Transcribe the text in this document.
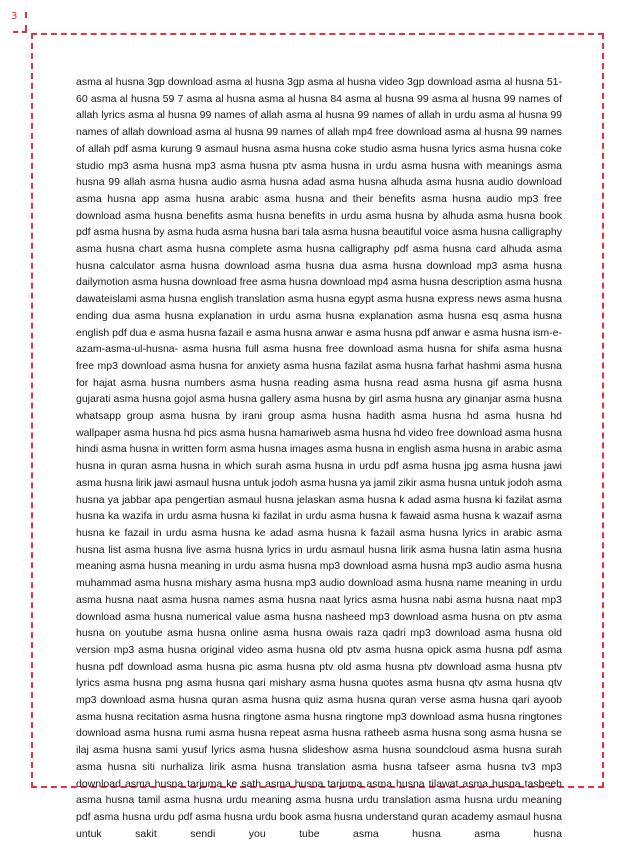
3

asma al husna 3gp download asma al husna 3gp asma al husna video 3gp download asma al husna 51-60 asma al husna 59 7 asma al husna asma al husna 84 asma al husna 99 asma al husna 99 names of allah lyrics asma al husna 99 names of allah asma al husna 99 names of allah in urdu asma al husna 99 names of allah download asma al husna 99 names of allah mp4 free download asma al husna 99 names of allah pdf asma kurung 9 asmaul husna asma husna coke studio asma husna lyrics asma husna coke studio mp3 asma husna mp3 asma husna ptv asma husna in urdu asma husna with meanings asma husna 99 allah asma husna audio asma husna adad asma husna alhuda asma husna audio download asma husna app asma husna arabic asma husna and their benefits asma husna audio mp3 free download asma husna benefits asma husna benefits in urdu asma husna by alhuda asma husna book pdf asma husna by asma huda asma husna bari tala asma husna beautiful voice asma husna calligraphy asma husna chart asma husna complete asma husna calligraphy pdf asma husna card alhuda asma husna calculator asma husna download asma husna dua asma husna download mp3 asma husna dailymotion asma husna download free asma husna download mp4 asma husna description asma husna dawateislami asma husna english translation asma husna egypt asma husna express news asma husna ending dua asma husna explanation in urdu asma husna explanation asma husna esq asma husna english pdf dua e asma husna fazail e asma husna anwar e asma husna pdf anwar e asma husna ism-e-azam-asma-ul-husna- asma husna full asma husna free download asma husna for shifa asma husna free mp3 download asma husna for anxiety asma husna fazilat asma husna farhat hashmi asma husna for hajat asma husna numbers asma husna reading asma husna read asma husna gif asma husna gujarati asma husna gojol asma husna gallery asma husna by girl asma husna ary ginanjar asma husna whatsapp group asma husna by irani group asma husna hadith asma husna hd asma husna hd wallpaper asma husna hd pics asma husna hamariweb asma husna hd video free download asma husna hindi asma husna in written form asma husna images asma husna in english asma husna in arabic asma husna in quran asma husna in which surah asma husna in urdu pdf asma husna jpg asma husna jawi asma husna lirik jawi asmaul husna untuk jodoh asma husna ya jamil zikir asma husna untuk jodoh asma husna ya jabbar apa pengertian asmaul husna jelaskan asma husna k adad asma husna ki fazilat asma husna ka wazifa in urdu asma husna ki fazilat in urdu asma husna k fawaid asma husna k wazaif asma husna ke fazail in urdu asma husna ke adad asma husna k fazail asma husna lyrics in arabic asma husna list asma husna live asma husna lyrics in urdu asmaul husna lirik asma husna latin asma husna meaning asma husna meaning in urdu asma husna mp3 download asma husna mp3 audio asma husna muhammad asma husna mishary asma husna mp3 audio download asma husna name meaning in urdu asma husna naat asma husna names asma husna naat lyrics asma husna nabi asma husna naat mp3 download asma husna numerical value asma husna nasheed mp3 download asma husna on ptv asma husna on youtube asma husna online asma husna owais raza qadri mp3 download asma husna old version mp3 asma husna original video asma husna old ptv asma husna opick asma husna pdf asma husna pdf download asma husna pic asma husna ptv old asma husna ptv download asma husna ptv lyrics asma husna png asma husna qari mishary asma husna quotes asma husna qtv asma husna qtv mp3 download asma husna quran asma husna quiz asma husna quran verse asma husna qari ayoob asma husna recitation asma husna ringtone asma husna ringtone mp3 download asma husna ringtones download asma husna rumi asma husna repeat asma husna ratheeb asma husna song asma husna se ilaj asma husna sami yusuf lyrics asma husna slideshow asma husna soundcloud asma husna surah asma husna siti nurhaliza lirik asma husna translation asma husna tafseer asma husna tv3 mp3 download asma husna tarjuma ke sath asma husna tarjuma asma husna tilawat asma husna tasbeeh asma husna tamil asma husna urdu meaning asma husna urdu translation asma husna urdu meaning pdf asma husna urdu pdf asma husna urdu book asma husna understand quran academy asmaul husna untuk sakit sendi you tube asma husna asma husna
